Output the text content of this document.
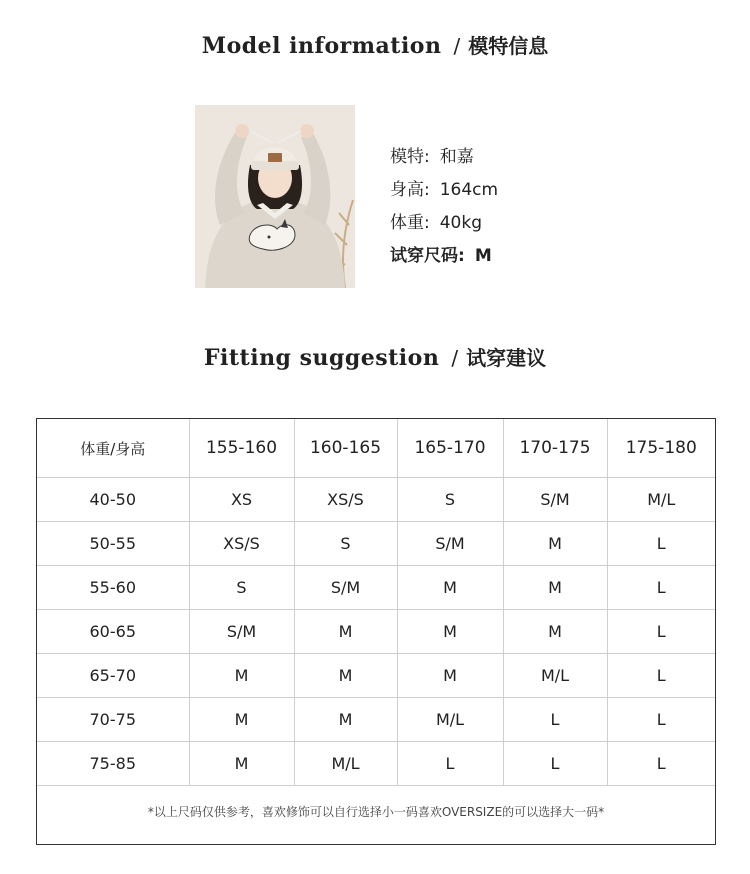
Model information / 模特信息
模特: 和嘉
身高: 164cm
体重: 40kg
试穿尺码: M
Fitting suggestion / 试穿建议
体重/身高	155-160	160-165	165-170	170-175	175-180
40-50	XS	XS/S	S	S/M	M/L
50-55	XS/S	S	S/M	M	L
55-60	S	S/M	M	M	L
60-65	S/M	M	M	M	L
65-70	M	M	M	M/L	L
70-75	M	M	M/L	L	L
75-85	M	M/L	L	L	L
*以上尺码仅供参考，喜欢修饰可以自行选择小一码喜欢OVERSIZE的可以选择大一码*
